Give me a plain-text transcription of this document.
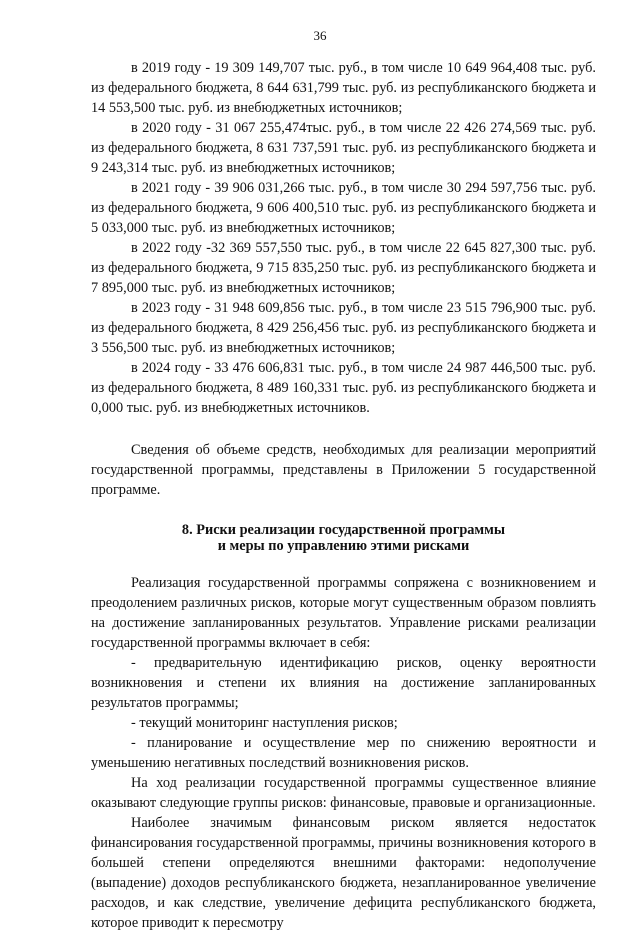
36

в 2019 году - 19 309 149,707 тыс. руб., в том числе 10 649 964,408 тыс. руб. из федерального бюджета, 8 644 631,799 тыс. руб. из республиканского бюджета и 14 553,500 тыс. руб. из внебюджетных источников;

в 2020 году - 31 067 255,474тыс. руб., в том числе 22 426 274,569 тыс. руб. из федерального бюджета, 8 631 737,591 тыс. руб. из республиканского бюджета и 9 243,314 тыс. руб. из внебюджетных источников;

в 2021 году - 39 906 031,266 тыс. руб., в том числе 30 294 597,756 тыс. руб. из федерального бюджета, 9 606 400,510 тыс. руб. из республиканского бюджета и 5 033,000 тыс. руб. из внебюджетных источников;

в 2022 году -32 369 557,550 тыс. руб., в том числе 22 645 827,300 тыс. руб. из федерального бюджета, 9 715 835,250 тыс. руб. из республиканского бюджета и 7 895,000 тыс. руб. из внебюджетных источников;

в 2023 году - 31 948 609,856 тыс. руб., в том числе 23 515 796,900 тыс. руб. из федерального бюджета, 8 429 256,456 тыс. руб. из республиканского бюджета и 3 556,500 тыс. руб. из внебюджетных источников;

в 2024 году - 33 476 606,831 тыс. руб., в том числе 24 987 446,500 тыс. руб. из федерального бюджета, 8 489 160,331 тыс. руб. из республиканского бюджета и 0,000 тыс. руб. из внебюджетных источников.

Сведения об объеме средств, необходимых для реализации мероприятий государственной программы, представлены в Приложении 5 государственной программе.

8. Риски реализации государственной программы
и меры по управлению этими рисками

Реализация государственной программы сопряжена с возникновением и преодолением различных рисков, которые могут существенным образом повлиять на достижение запланированных результатов. Управление рисками реализации государственной программы включает в себя:

- предварительную идентификацию рисков, оценку вероятности возникновения и степени их влияния на достижение запланированных результатов программы;

- текущий мониторинг наступления рисков;

- планирование и осуществление мер по снижению вероятности и уменьшению негативных последствий возникновения рисков.

На ход реализации государственной программы существенное влияние оказывают следующие группы рисков: финансовые, правовые и организационные.

Наиболее значимым финансовым риском является недостаток финансирования государственной программы, причины возникновения которого в большей степени определяются внешними факторами: недополучение (выпадение) доходов республиканского бюджета, незапланированное увеличение расходов, и как следствие, увеличение дефицита республиканского бюджета, которое приводит к пересмотру
